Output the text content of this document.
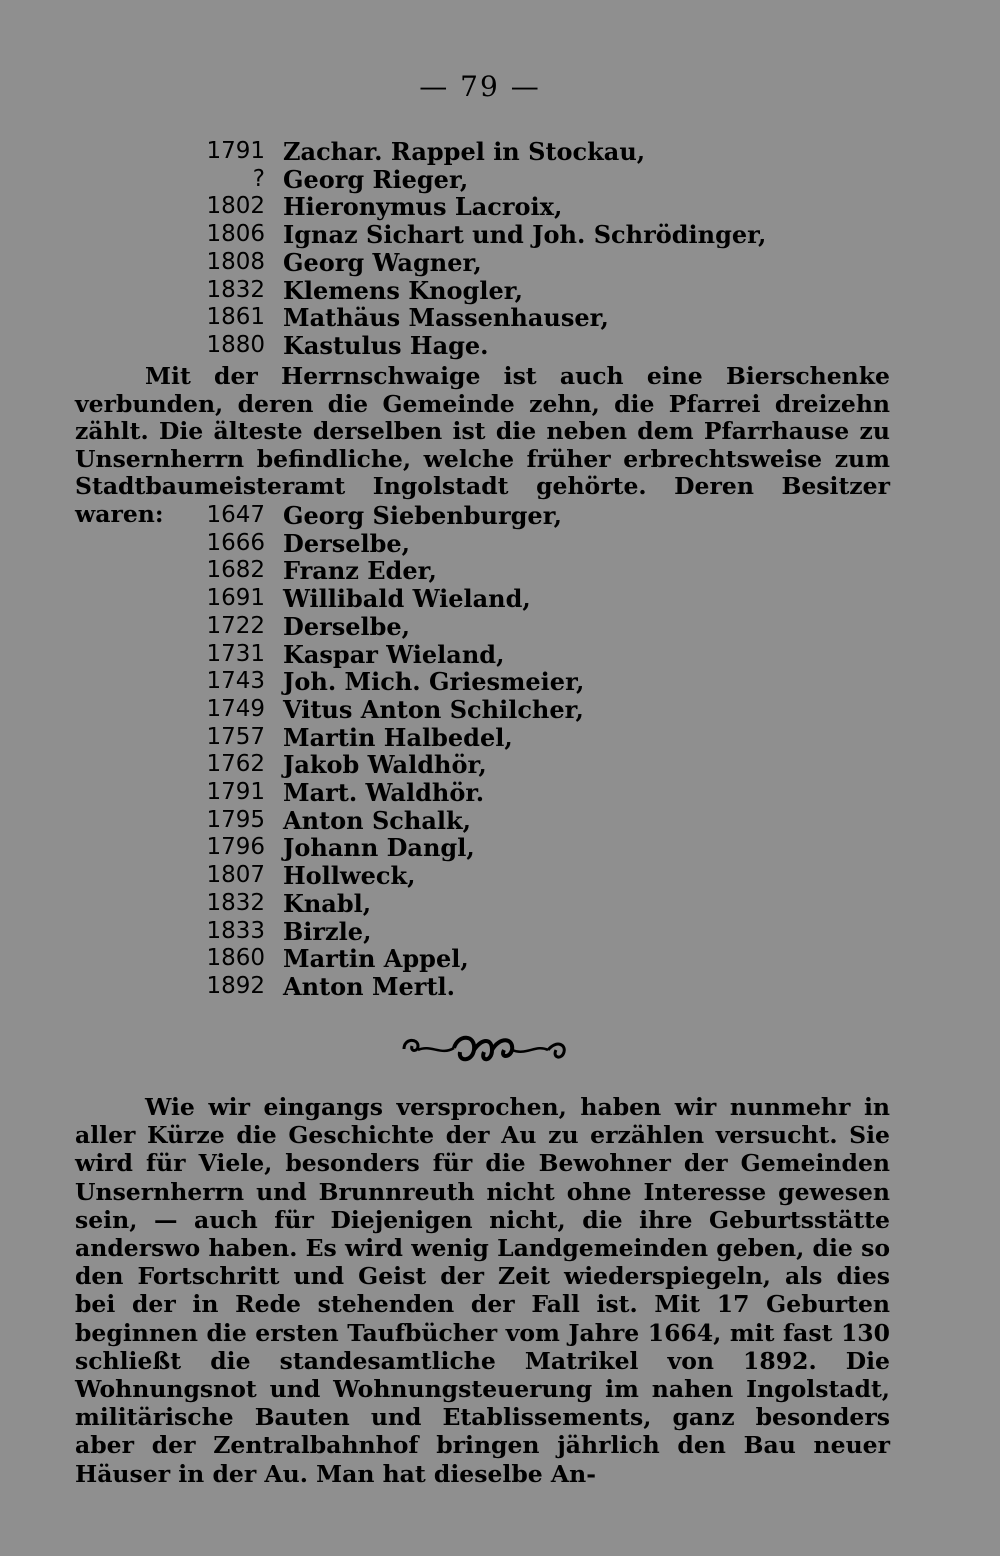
— 79 —
1791 Zachar. Rappel in Stockau,
? Georg Rieger,
1802 Hieronymus Lacroix,
1806 Ignaz Sichart und Joh. Schrödinger,
1808 Georg Wagner,
1832 Klemens Knogler,
1861 Mathäus Massenhauser,
1880 Kastulus Hage.
Mit der Herrnschwaige ist auch eine Bierschenke verbunden, deren die Gemeinde zehn, die Pfarrei dreizehn zählt. Die älteste derselben ist die neben dem Pfarrhause zu Unsernherrn befindliche, welche früher erbrechtsweise zum Stadtbaumeisteramt Ingolstadt gehörte. Deren Besitzer waren:	1647 Georg Siebenburger,
1666 Derselbe,
1682 Franz Eder,
1691 Willibald Wieland,
1722 Derselbe,
1731 Kaspar Wieland,
1743 Joh. Mich. Griesmeier,
1749 Vitus Anton Schilcher,
1757 Martin Halbedel,
1762 Jakob Waldhör,
1791 Mart. Waldhör.
1795 Anton Schalk,
1796 Johann Dangl,
1807 Hollweck,
1832 Knabl,
1833 Birzle,
1860 Martin Appel,
1892 Anton Mertl.
Wie wir eingangs versprochen, haben wir nunmehr in aller Kürze die Geschichte der Au zu erzählen versucht. Sie wird für Viele, besonders für die Bewohner der Gemeinden Unsernherrn und Brunnreuth nicht ohne Interesse gewesen sein, — auch für Diejenigen nicht, die ihre Geburtsstätte anderswo haben. Es wird wenig Landgemeinden geben, die so den Fortschritt und Geist der Zeit wiederspiegeln, als dies bei der in Rede stehenden der Fall ist. Mit 17 Geburten beginnen die ersten Taufbücher vom Jahre 1664, mit fast 130 schließt die standesamtliche Matrikel von 1892. Die Wohnungsnot und Wohnungsteuerung im nahen Ingolstadt, militärische Bauten und Etablissements, ganz besonders aber der Zentralbahnhof bringen jährlich den Bau neuer Häuser in der Au. Man hat dieselbe An-
